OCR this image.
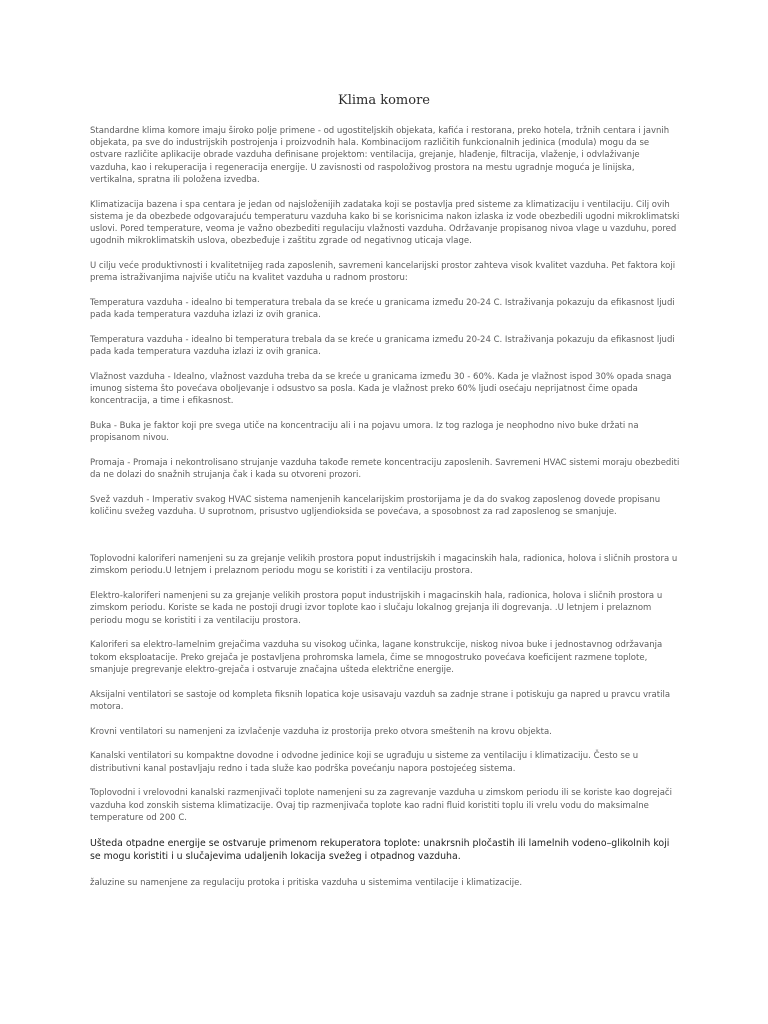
Klima komore

Standardne klima komore imaju široko polje primene - od ugostiteljskih objekata, kafića i restorana, preko hotela, tržnih centara i javnih objekata, pa sve do industrijskih postrojenja i proizvodnih hala. Kombinacijom različitih funkcionalnih jedinica (modula) mogu da se ostvare različite aplikacije obrade vazduha definisane projektom: ventilacija, grejanje, hlađenje, filtracija, vlaženje, i odvlaživanje vazduha, kao i rekuperacija i regeneracija energije. U zavisnosti od raspoloživog prostora na mestu ugradnje moguća je linijska, vertikalna, spratna ili položena izvedba.

Klimatizacija bazena i spa centara je jedan od najsloženijih zadataka koji se postavlja pred sisteme za klimatizaciju i ventilaciju. Cilj ovih sistema je da obezbede odgovarajuću temperaturu vazduha kako bi se korisnicima nakon izlaska iz vode obezbedili ugodni mikroklimatski uslovi. Pored temperature, veoma je važno obezbediti regulaciju vlažnosti vazduha. Održavanje propisanog nivoa vlage u vazduhu, pored ugodnih mikroklimatskih uslova, obezbeđuje i zaštitu zgrade od negativnog uticaja vlage.

U cilju veće produktivnosti i kvalitetnijeg rada zaposlenih, savremeni kancelarijski prostor zahteva visok kvalitet vazduha. Pet faktora koji prema istraživanjima najviše utiču na kvalitet vazduha u radnom prostoru:

Temperatura vazduha - idealno bi temperatura trebala da se kreće u granicama između 20-24 C. Istraživanja pokazuju da efikasnost ljudi pada kada temperatura vazduha izlazi iz ovih granica.

Temperatura vazduha - idealno bi temperatura trebala da se kreće u granicama između 20-24 C. Istraživanja pokazuju da efikasnost ljudi pada kada temperatura vazduha izlazi iz ovih granica.

Vlažnost vazduha - Idealno, vlažnost vazduha treba da se kreće u granicama između 30 - 60%. Kada je vlažnost ispod 30% opada snaga imunog sistema što povećava obolјevanje i odsustvo sa posla. Kada je vlažnost preko 60% ljudi osećaju neprijatnost čime opada koncentracija, a time i efikasnost.

Buka - Buka je faktor koji pre svega utiče na koncentraciju ali i na pojavu umora. Iz tog razloga je neophodno nivo buke držati na propisanom nivou.

Promaja - Promaja i nekontrolisano strujanje vazduha takođe remete koncentraciju zaposlenih. Savremeni HVAC sistemi moraju obezbediti da ne dolazi do snažnih strujanja čak i kada su otvoreni prozori.

Svež vazduh - Imperativ svakog HVAC sistema namenjenih kancelarijskim prostorijama je da do svakog zaposlenog dovede propisanu količinu svežeg vazduha. U suprotnom, prisustvo ugljendioksida se povećava, a sposobnost za rad zaposlenog se smanjuje.

Toplovodni kaloriferi namenjeni su za grejanje velikih prostora poput industrijskih i magacinskih hala, radionica, holova i sličnih prostora u zimskom periodu.U letnjem i prelaznom periodu mogu se koristiti i za ventilaciju prostora.

Elektro-kaloriferi namenjeni su za grejanje velikih prostora poput industrijskih i magacinskih hala, radionica, holova i sličnih prostora u zimskom periodu. Koriste se kada ne postoji drugi izvor toplote kao i slučaju lokalnog grejanja ili dogrevanja. .U letnjem i prelaznom periodu mogu se koristiti i za ventilaciju prostora.

Kaloriferi sa elektro-lamelnim grejačima vazduha su visokog učinka, lagane konstrukcije, niskog nivoa buke i jednostavnog održavanja tokom eksploatacije. Preko grejača je postavljena prohromska lamela, čime se mnogostruko povećava koeficijent razmene toplote, smanjuje pregrevanje elektro-grejača i ostvaruje značajna ušteda električne energije.

Aksijalni ventilatori se sastoje od kompleta fiksnih lopatica koje usisavaju vazduh sa zadnje strane i potiskuju ga napred u pravcu vratila motora.

Krovni ventilatori su namenjeni za izvlačenje vazduha iz prostorija preko otvora smeštenih na krovu objekta.

Kanalski ventilatori su kompaktne dovodne i odvodne jedinice koji se ugrađuju u sisteme za ventilaciju i klimatizaciju. Često se u distributivni kanal postavljaju redno i tada služe kao podrška povećanju napora postojećeg sistema.

Toplovodni i vrelovodni kanalski razmenjivači toplote namenjeni su za zagrevanje vazduha u zimskom periodu ili se koriste kao dogrejači vazduha kod zonskih sistema klimatizacije. Ovaj tip razmenjivača toplote kao radni fluid koristiti toplu ili vrelu vodu do maksimalne temperature od 200 C.

Ušteda otpadne energije se ostvaruje primenom rekuperatora toplote: unakrsnih pločastih ili lamelnih vodeno–glikolnih koji se mogu koristiti i u slučajevima udaljenih lokacija svežeg i otpadnog vazduha.

žaluzine su namenjene za regulaciju protoka i pritiska vazduha u sistemima ventilacije i klimatizacije.
